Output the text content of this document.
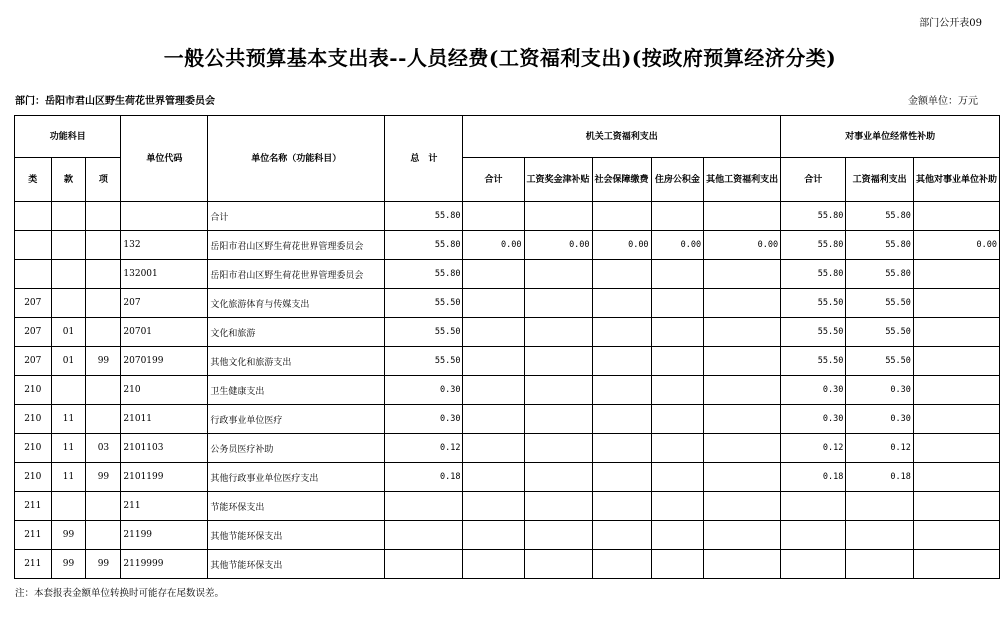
部门公开表09
一般公共预算基本支出表--人员经费(工资福利支出)(按政府预算经济分类)
部门：岳阳市君山区野生荷花世界管理委员会	金额单位：万元
功能科目			单位代码	单位名称（功能科目）	总　计	机关工资福利支出					对事业单位经常性补助		
类	款	项				合计	工资奖金津补贴	社会保障缴费	住房公积金	其他工资福利支出	合计	工资福利支出	其他对事业单位补助
				合计	55.80						55.80	55.80	
			132	岳阳市君山区野生荷花世界管理委员会	55.80	0.00	0.00	0.00	0.00	0.00	55.80	55.80	0.00
			132001	岳阳市君山区野生荷花世界管理委员会	55.80						55.80	55.80	
207			207	文化旅游体育与传媒支出	55.50						55.50	55.50	
207	01		20701	文化和旅游	55.50						55.50	55.50	
207	01	99	2070199	其他文化和旅游支出	55.50						55.50	55.50	
210			210	卫生健康支出	0.30						0.30	0.30	
210	11		21011	行政事业单位医疗	0.30						0.30	0.30	
210	11	03	2101103	公务员医疗补助	0.12						0.12	0.12	
210	11	99	2101199	其他行政事业单位医疗支出	0.18						0.18	0.18	
211			211	节能环保支出									
211	99		21199	其他节能环保支出									
211	99	99	2119999	其他节能环保支出									
注：本套报表金额单位转换时可能存在尾数误差。
